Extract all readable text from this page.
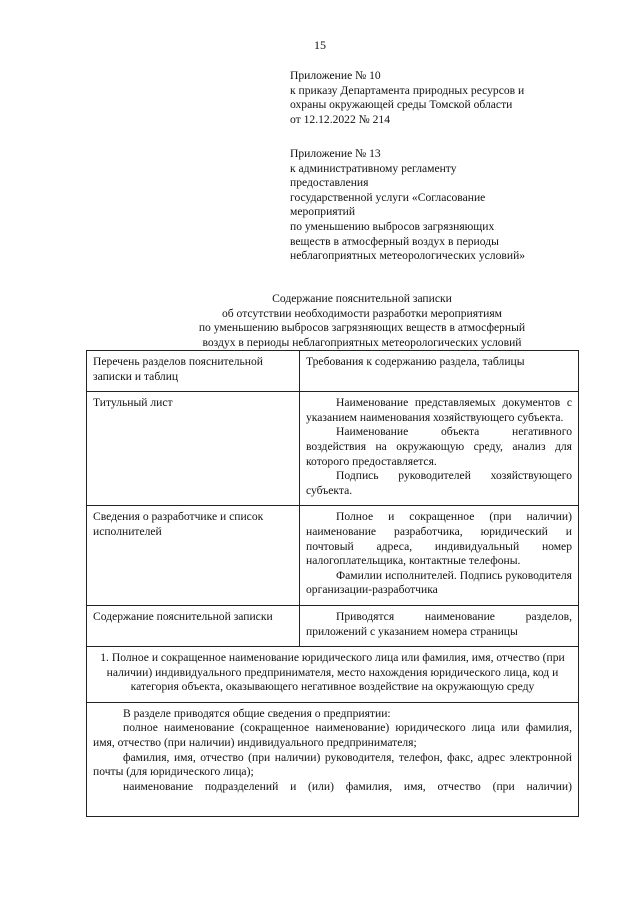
15
Приложение № 10
к приказу Департамента природных ресурсов и
охраны окружающей среды Томской области
от 12.12.2022 № 214
Приложение № 13
к административному регламенту
предоставления
государственной услуги «Согласование
мероприятий
по уменьшению выбросов загрязняющих
веществ в атмосферный воздух в периоды
неблагоприятных метеорологических условий»
Содержание пояснительной записки
об отсутствии необходимости разработки мероприятиям
по уменьшению выбросов загрязняющих веществ в атмосферный
воздух в периоды неблагоприятных метеорологических условий
Перечень разделов пояснительной записки и таблиц	Требования к содержанию раздела, таблицы
Титульный лист	Наименование представляемых документов с указанием наименования хозяйствующего субъекта.
Наименование объекта негативного воздействия на окружающую среду, анализ для которого предоставляется.
Подпись руководителей хозяйствующего субъекта.

Сведения о разработчике и список исполнителей	Полное и сокращенное (при наличии) наименование разработчика, юридический и почтовый адреса, индивидуальный номер налогоплательщика, контактные телефоны.
Фамилии исполнителей. Подпись руководителя организации-разработчика

Содержание пояснительной записки	Приводятся наименование разделов, приложений с указанием номера страницы

1. Полное и сокращенное наименование юридического лица или фамилия, имя, отчество (при наличии) индивидуального предпринимателя, место нахождения юридического лица, код и категория объекта, оказывающего негативное воздействие на окружающую среду	

В разделе приводятся общие сведения о предприятии:
полное наименование (сокращенное наименование) юридического лица или фамилия, имя, отчество (при наличии) индивидуального предпринимателя;
фамилия, имя, отчество (при наличии) руководителя, телефон, факс, адрес электронной почты (для юридического лица);
наименование подразделений и (или) фамилия, имя, отчество (при наличии)	
